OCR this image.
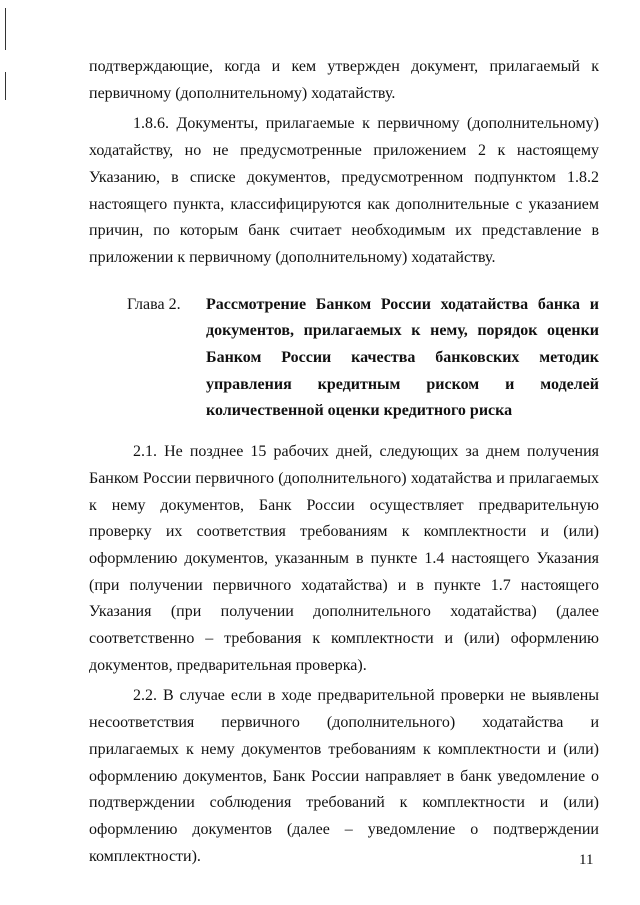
подтверждающие, когда и кем утвержден документ, прилагаемый к первичному (дополнительному) ходатайству.

1.8.6. Документы, прилагаемые к первичному (дополнительному) ходатайству, но не предусмотренные приложением 2 к настоящему Указанию, в списке документов, предусмотренном подпунктом 1.8.2 настоящего пункта, классифицируются как дополнительные с указанием причин, по которым банк считает необходимым их представление в приложении к первичному (дополнительному) ходатайству.

Глава 2. Рассмотрение Банком России ходатайства банка и документов, прилагаемых к нему, порядок оценки Банком России качества банковских методик управления кредитным риском и моделей количественной оценки кредитного риска

2.1. Не позднее 15 рабочих дней, следующих за днем получения Банком России первичного (дополнительного) ходатайства и прилагаемых к нему документов, Банк России осуществляет предварительную проверку их соответствия требованиям к комплектности и (или) оформлению документов, указанным в пункте 1.4 настоящего Указания (при получении первичного ходатайства) и в пункте 1.7 настоящего Указания (при получении дополнительного ходатайства) (далее соответственно – требования к комплектности и (или) оформлению документов, предварительная проверка).

2.2. В случае если в ходе предварительной проверки не выявлены несоответствия первичного (дополнительного) ходатайства и прилагаемых к нему документов требованиям к комплектности и (или) оформлению документов, Банк России направляет в банк уведомление о подтверждении соблюдения требований к комплектности и (или) оформлению документов (далее – уведомление о подтверждении комплектности).	11
